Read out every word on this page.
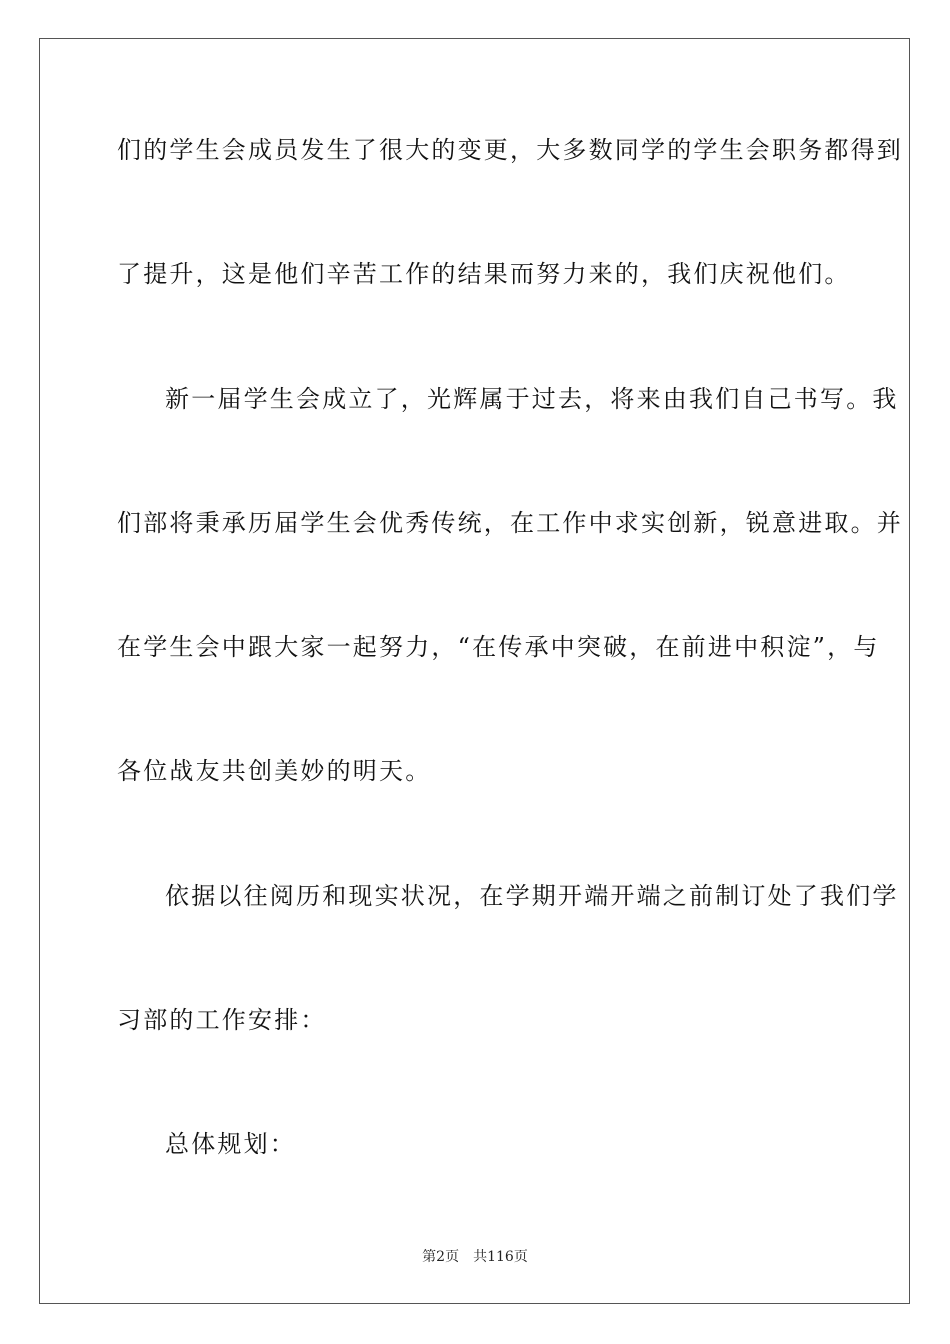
们的学生会成员发生了很大的变更，大多数同学的学生会职务都得到
了提升，这是他们辛苦工作的结果而努力来的，我们庆祝他们。
新一届学生会成立了，光辉属于过去，将来由我们自己书写。我
们部将秉承历届学生会优秀传统，在工作中求实创新，锐意进取。并
在学生会中跟大家一起努力，“在传承中突破，在前进中积淀”，与
各位战友共创美妙的明天。
依据以往阅历和现实状况，在学期开端开端之前制订处了我们学
习部的工作安排：
总体规划：
第2页 共116页
